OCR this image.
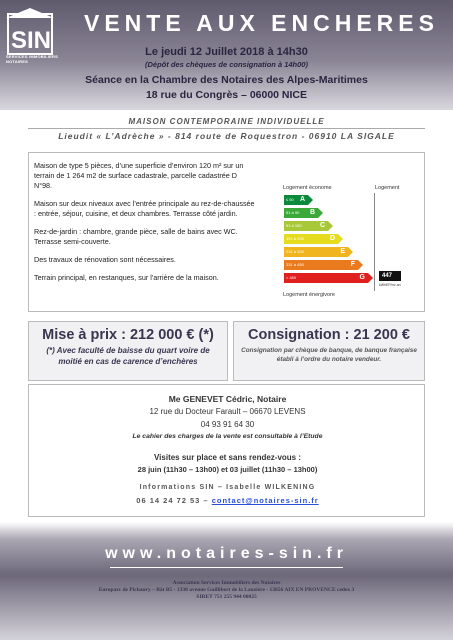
SIN
SERVICES IMMOBILIERS NOTAIRES
VENTE AUX ENCHERES
Le jeudi 12 Juillet 2018 à 14h30
(Dépôt des chèques de consignation à 14h00)
Séance en la Chambre des Notaires des Alpes-Maritimes
18 rue du Congrès – 06000 NICE
MAISON CONTEMPORAINE INDIVIDUELLE
Lieudit « L’Adrèche » - 814 route de Roquestron - 06910 LA SIGALE

Maison de type 5 pièces, d’une superficie d’environ 120 m² sur un terrain de 1 264 m2 de surface cadastrale, parcelle cadastrée D N°98.

Maison sur deux niveaux avec l’entrée principale au rez-de-chaussée : entrée, séjour, cuisine, et deux chambres. Terrasse côté jardin.

Rez-de-jardin : chambre, grande pièce, salle de bains avec WC. Terrasse semi-couverte.

Des travaux de rénovation sont nécessaires.

Terrain principal, en restanques, sur l'arrière de la maison.

Logement économe	Logement
447
kWhEP/m².an
Logement énergivore
≤ 50 A
51 à 90 B
91 à 150	C
151 à 230	D
231 à 330	E
331 à 450	F
> 450	G
Mise à prix : 212 000 € (*)
(*) Avec faculté de baisse du quart voire de moitié en cas de carence d’enchères
Consignation : 21 200 €
Consignation par chèque de banque, de banque française établi à l’ordre du notaire vendeur.
Me GENEVET Cédric, Notaire
12 rue du Docteur Farault – 06670 LEVENS
04 93 91 64 30
Le cahier des charges de la vente est consultable à l’Etude
Visites sur place et sans rendez-vous :
28 juin (11h30 – 13h00) et 03 juillet (11h30 – 13h00)
Informations SIN – Isabelle WILKENING
06 14 24 72 53 – contact@notaires-sin.fr
www.notaires-sin.fr
Association Services Immobiliers des Notaires
Europarc de Pichaury – Bât B5 - 1330 avenue Guillibert de la Lauzière - 13856 AIX EN PROVENCE cedex 3
SIRET 751 255 944 00025
